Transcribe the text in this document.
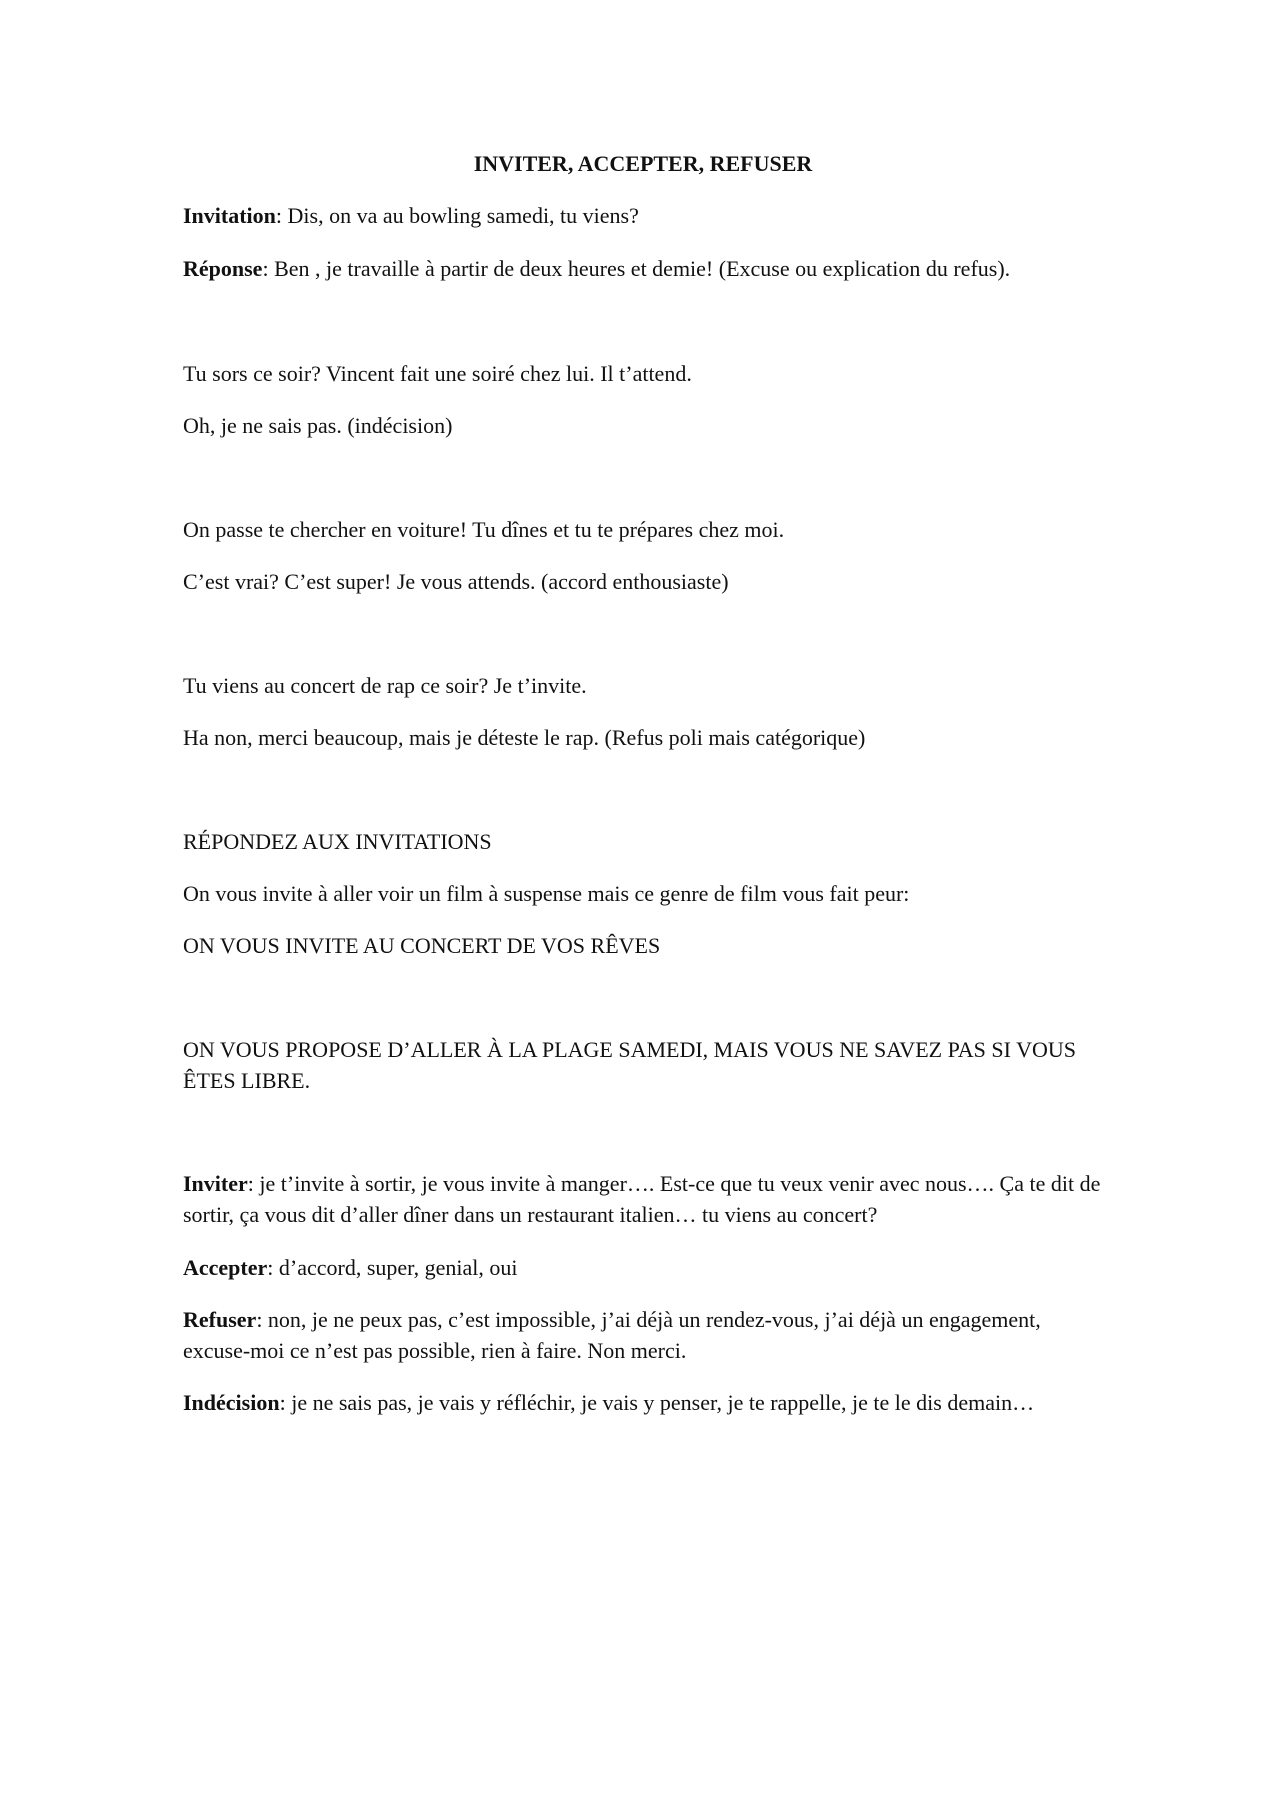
INVITER, ACCEPTER, REFUSER

Invitation: Dis, on va au bowling samedi, tu viens?

Réponse: Ben , je travaille à partir de deux heures et demie! (Excuse ou explication du refus).

Tu sors ce soir? Vincent fait une soiré chez lui. Il t’attend.

Oh, je ne sais pas. (indécision)

On passe te chercher en voiture! Tu dînes et tu te prépares chez moi.

C’est vrai? C’est super! Je vous attends. (accord enthousiaste)

Tu viens au concert de rap ce soir? Je t’invite.

Ha non, merci beaucoup, mais je déteste le rap. (Refus poli mais catégorique)

RÉPONDEZ AUX INVITATIONS

On vous invite à aller voir un film à suspense mais ce genre de film vous fait peur:

ON VOUS INVITE AU CONCERT DE VOS RÊVES

ON VOUS PROPOSE D’ALLER À LA PLAGE SAMEDI, MAIS VOUS NE SAVEZ PAS SI VOUS ÊTES LIBRE.

Inviter: je t’invite à sortir, je vous invite à manger…. Est-ce que tu veux venir avec nous…. Ça te dit de sortir, ça vous dit d’aller dîner dans un restaurant italien… tu viens au concert?

Accepter: d’accord, super, genial, oui

Refuser: non, je ne peux pas, c’est impossible, j’ai déjà un rendez-vous, j’ai déjà un engagement, excuse-moi ce n’est pas possible, rien à faire. Non merci.

Indécision: je ne sais pas, je vais y réfléchir, je vais y penser, je te rappelle, je te le dis demain…
